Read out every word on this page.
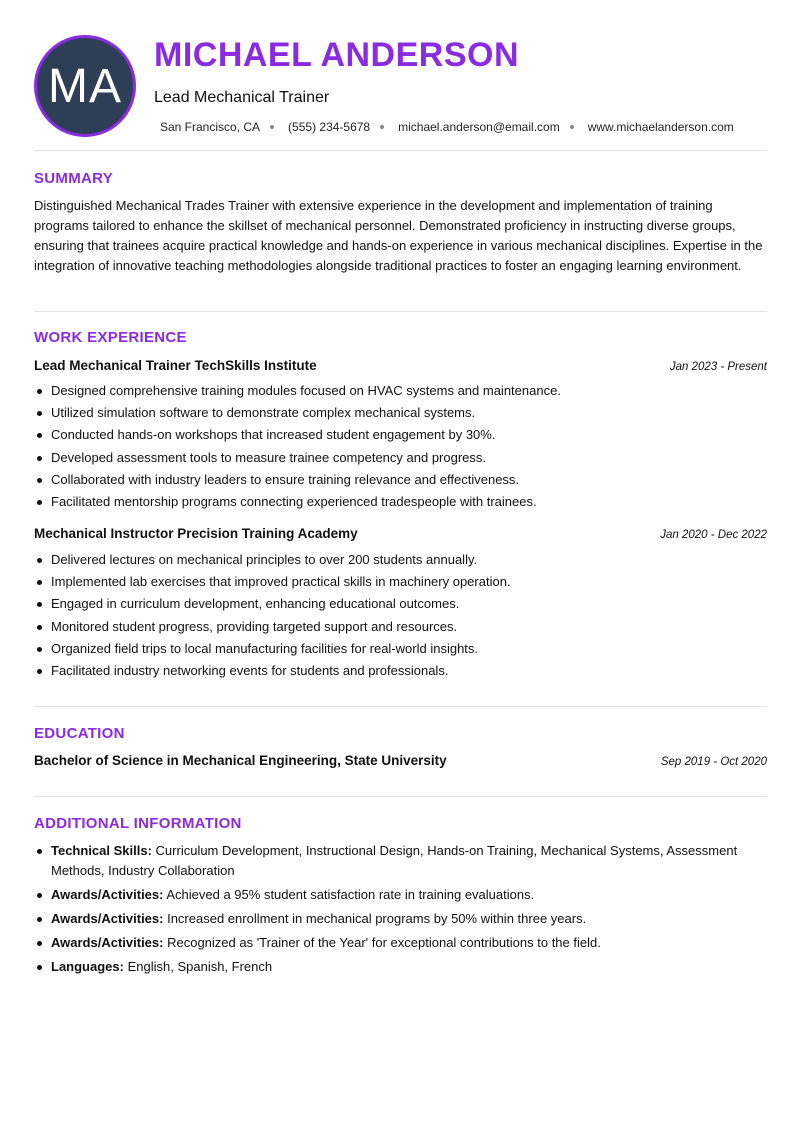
MA
MICHAEL ANDERSON
Lead Mechanical Trainer
San Francisco, CA (555) 234-5678 michael.anderson@email.com www.michaelanderson.com
SUMMARY

Distinguished Mechanical Trades Trainer with extensive experience in the development and implementation of training programs tailored to enhance the skillset of mechanical personnel. Demonstrated proficiency in instructing diverse groups, ensuring that trainees acquire practical knowledge and hands-on experience in various mechanical disciplines. Expertise in the integration of innovative teaching methodologies alongside traditional practices to foster an engaging learning environment.

WORK EXPERIENCE
Lead Mechanical Trainer TechSkills Institute	Jan 2023 - Present
Designed comprehensive training modules focused on HVAC systems and maintenance.
Utilized simulation software to demonstrate complex mechanical systems.
Conducted hands-on workshops that increased student engagement by 30%.
Developed assessment tools to measure trainee competency and progress.
Collaborated with industry leaders to ensure training relevance and effectiveness.
Facilitated mentorship programs connecting experienced tradespeople with trainees.
Mechanical Instructor Precision Training Academy	Jan 2020 - Dec 2022
Delivered lectures on mechanical principles to over 200 students annually.
Implemented lab exercises that improved practical skills in machinery operation.
Engaged in curriculum development, enhancing educational outcomes.
Monitored student progress, providing targeted support and resources.
Organized field trips to local manufacturing facilities for real-world insights.
Facilitated industry networking events for students and professionals.
EDUCATION
Bachelor of Science in Mechanical Engineering, State University	Sep 2019 - Oct 2020
ADDITIONAL INFORMATION
Technical Skills: Curriculum Development, Instructional Design, Hands-on Training, Mechanical Systems, Assessment Methods, Industry Collaboration
Awards/Activities: Achieved a 95% student satisfaction rate in training evaluations.
Awards/Activities: Increased enrollment in mechanical programs by 50% within three years.
Awards/Activities: Recognized as 'Trainer of the Year' for exceptional contributions to the field.
Languages: English, Spanish, French
